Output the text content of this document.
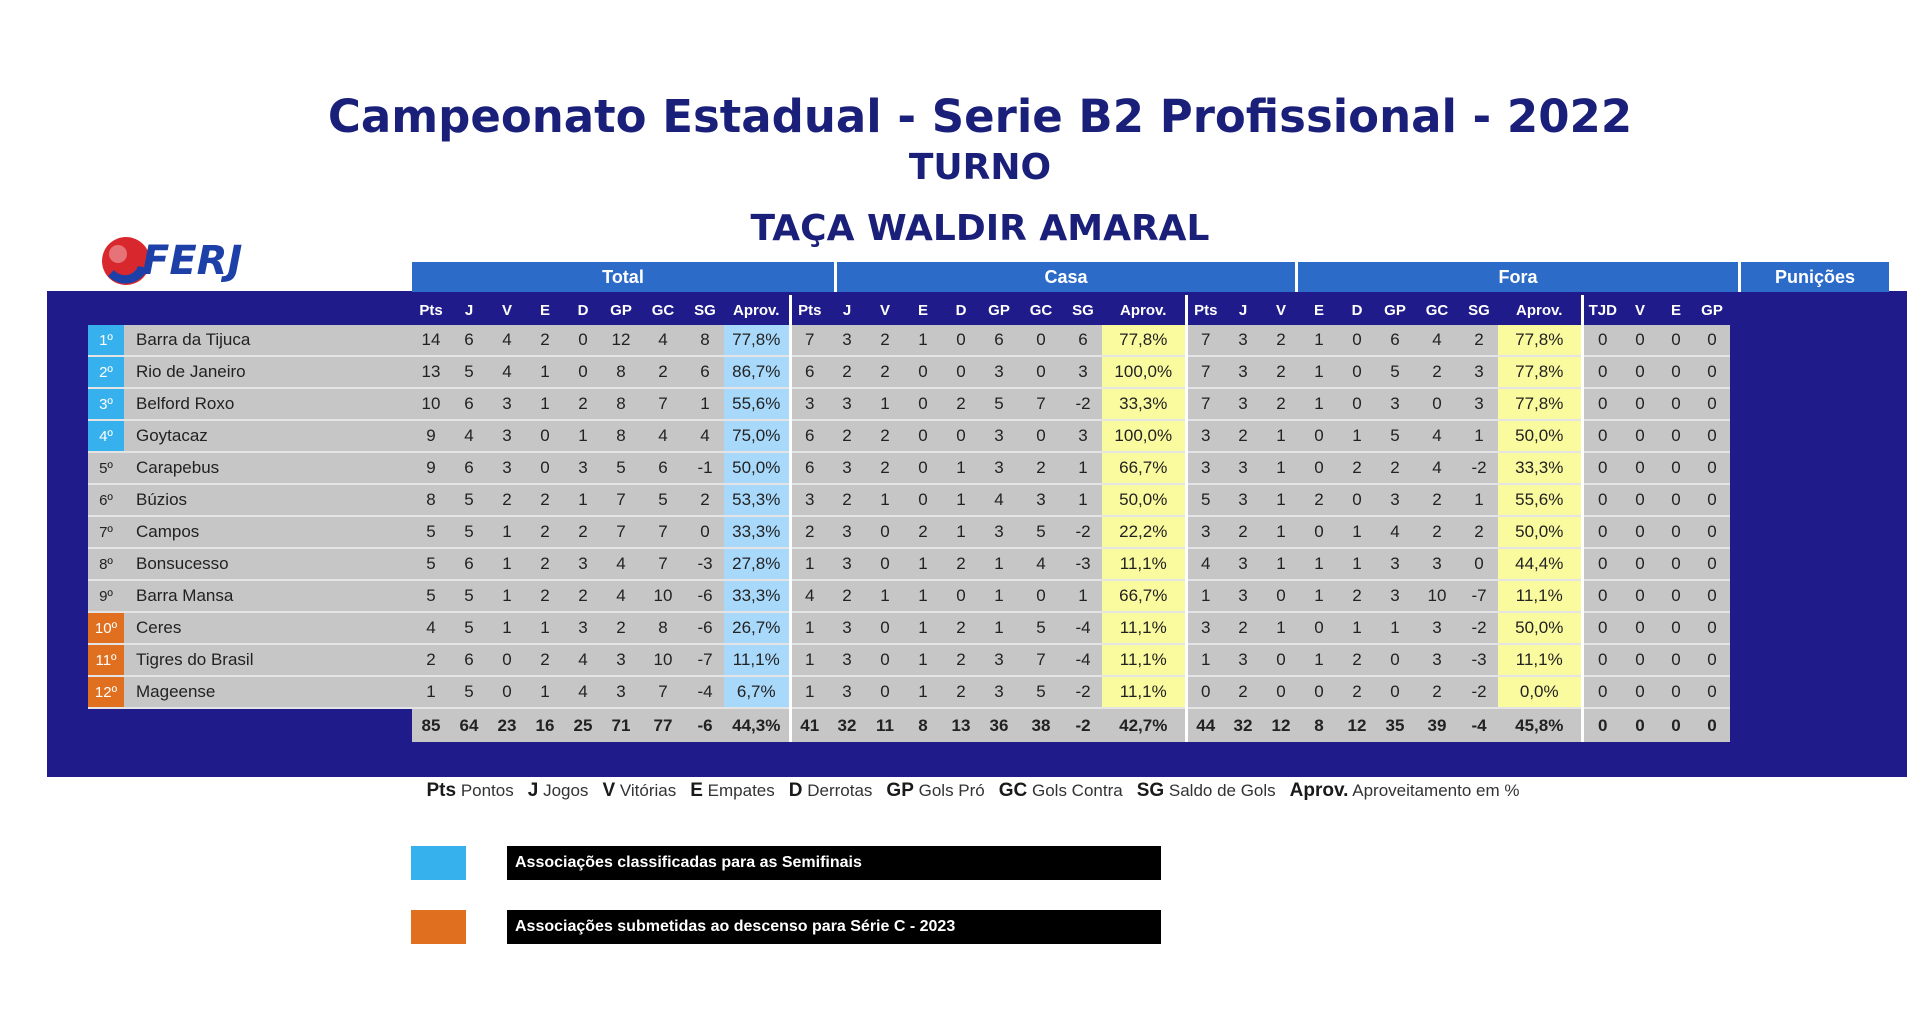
Campeonato Estadual - Serie B2 Profissional - 2022
TURNO
TAÇA WALDIR AMARAL
FERJ	Total	Casa	Fora	Punições
		Pts	J	V	E	D	GP	GC	SG	Aprov.	Pts	J	V	E	D	GP	GC	SG	Aprov.	Pts	J	V	E	D	GP	GC	SG	Aprov.	TJD	V	E	GP
1º	Barra da Tijuca	14	6	4	2	0	12	4	8	77,8%	7	3	2	1	0	6	0	6	77,8%	7	3	2	1	0	6	4	2	77,8%	0	0	0	0
2º	Rio de Janeiro	13	5	4	1	0	8	2	6	86,7%	6	2	2	0	0	3	0	3	100,0%	7	3	2	1	0	5	2	3	77,8%	0	0	0	0
3º	Belford Roxo	10	6	3	1	2	8	7	1	55,6%	3	3	1	0	2	5	7	-2	33,3%	7	3	2	1	0	3	0	3	77,8%	0	0	0	0
4º	Goytacaz	9	4	3	0	1	8	4	4	75,0%	6	2	2	0	0	3	0	3	100,0%	3	2	1	0	1	5	4	1	50,0%	0	0	0	0
5º	Carapebus	9	6	3	0	3	5	6	-1	50,0%	6	3	2	0	1	3	2	1	66,7%	3	3	1	0	2	2	4	-2	33,3%	0	0	0	0
6º	Búzios	8	5	2	2	1	7	5	2	53,3%	3	2	1	0	1	4	3	1	50,0%	5	3	1	2	0	3	2	1	55,6%	0	0	0	0
7º	Campos	5	5	1	2	2	7	7	0	33,3%	2	3	0	2	1	3	5	-2	22,2%	3	2	1	0	1	4	2	2	50,0%	0	0	0	0
8º	Bonsucesso	5	6	1	2	3	4	7	-3	27,8%	1	3	0	1	2	1	4	-3	11,1%	4	3	1	1	1	3	3	0	44,4%	0	0	0	0
9º	Barra Mansa	5	5	1	2	2	4	10	-6	33,3%	4	2	1	1	0	1	0	1	66,7%	1	3	0	1	2	3	10	-7	11,1%	0	0	0	0
10º	Ceres	4	5	1	1	3	2	8	-6	26,7%	1	3	0	1	2	1	5	-4	11,1%	3	2	1	0	1	1	3	-2	50,0%	0	0	0	0
11º	Tigres do Brasil	2	6	0	2	4	3	10	-7	11,1%	1	3	0	1	2	3	7	-4	11,1%	1	3	0	1	2	0	3	-3	11,1%	0	0	0	0
12º	Mageense	1	5	0	1	4	3	7	-4	6,7%	1	3	0	1	2	3	5	-2	11,1%	0	2	0	0	2	0	2	-2	0,0%	0	0	0	0
		85	64	23	16	25	71	77	-6	44,3%	41	32	11	8	13	36	38	-2	42,7%	44	32	12	8	12	35	39	-4	45,8%	0	0	0	0
Pts Pontos J Jogos V Vitórias E Empates D Derrotas GP Gols Pró GC Gols Contra SG Saldo de Gols Aprov. Aproveitamento em %
Associações classificadas para as Semifinais
Associações submetidas ao descenso para Série C - 2023
